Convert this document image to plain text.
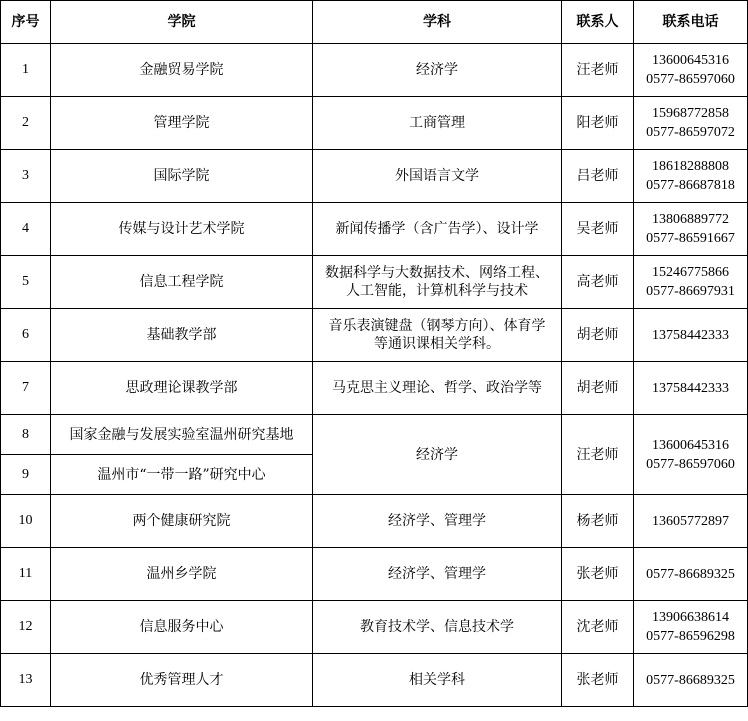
序号	学院	学科	联系人	联系电话
1	金融贸易学院	经济学	汪老师	13600645316
0577-86597060

2	管理学院	工商管理	阳老师	15968772858
0577-86597072

3	国际学院	外国语言文学	吕老师	18618288808
0577-86687818

4	传媒与设计艺术学院	新闻传播学（含广告学）、设计学	吴老师	13806889772
0577-86591667

5	信息工程学院	数据科学与大数据技术、网络工程、
人工智能，计算机科学与技术	高老师	15246775866
0577-86697931

6	基础教学部	音乐表演键盘（钢琴方向）、体育学
等通识课相关学科。	胡老师	13758442333
7	思政理论课教学部	马克思主义理论、哲学、政治学等	胡老师	13758442333
8	国家金融与发展实验室温州研究基地	经济学	汪老师	13600645316
0577-86597060

9	温州市“一带一路”研究中心			
10	两个健康研究院	经济学、管理学	杨老师	13605772897
11	温州乡学院	经济学、管理学	张老师	0577-86689325
12	信息服务中心	教育技术学、信息技术学	沈老师	13906638614
0577-86596298

13	优秀管理人才	相关学科	张老师	0577-86689325
